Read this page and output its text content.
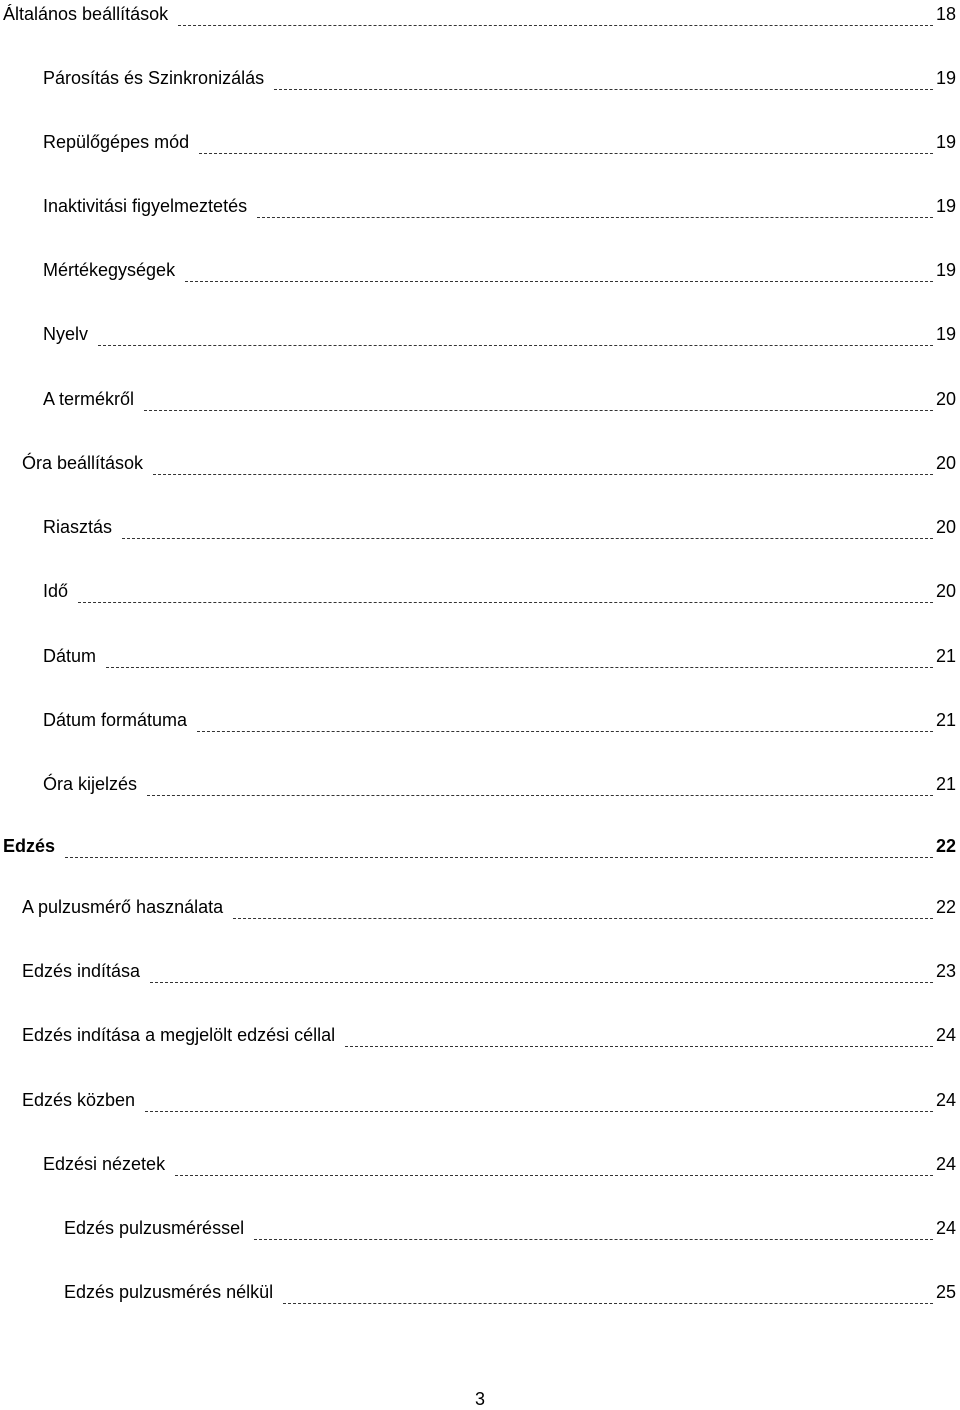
Általános beállítások	18
Párosítás és Szinkronizálás	19
Repülőgépes mód	19
Inaktivitási figyelmeztetés	19
Mértékegységek	19
Nyelv	19
A termékről	20
Óra beállítások	20
Riasztás	20
Idő	20
Dátum	21
Dátum formátuma	21
Óra kijelzés	21
Edzés	22
A pulzusmérő használata	22
Edzés indítása	23
Edzés indítása a megjelölt edzési céllal	24
Edzés közben	24
Edzési nézetek	24
Edzés pulzusméréssel	24
Edzés pulzusmérés nélkül	25
3
